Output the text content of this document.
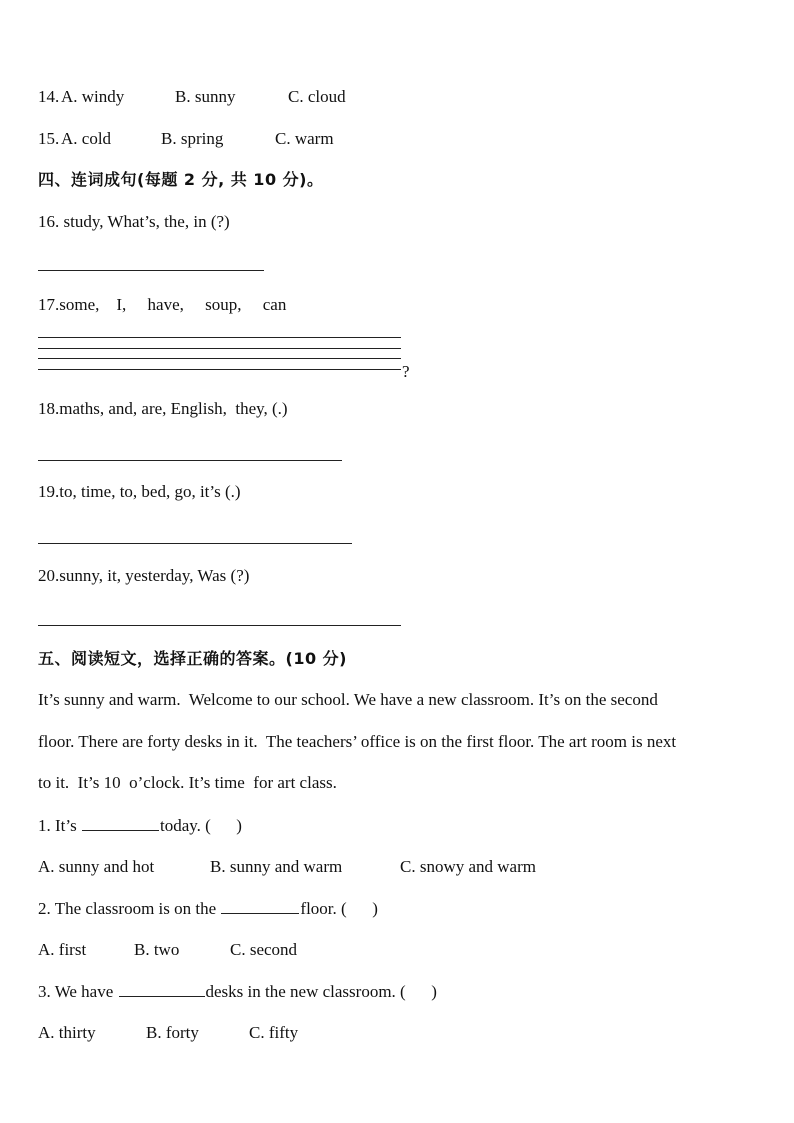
14. A. windy	B. sunny	C. cloud
15. A. cold	B. spring	C. warm
四、连词成句(每题 2 分, 共 10 分)。
16. study, What’s, the, in (?)
17.some,    I,     have,     soup,     can
?
18.maths, and, are, English,  they, (.)
19.to, time, to, bed, go, it’s (.)
20.sunny, it, yesterday, Was (?)
五、阅读短文，选择正确的答案。(10 分)
It’s sunny and warm.  Welcome to our school. We have a new classroom. It’s on the second
floor. There are forty desks in it.  The teachers’ office is on the first floor. The art room is next
to it.  It’s 10  o’clock. It’s time  for art class.
1. It’s	today. (      )
A. sunny and hot	B. sunny and warm	C. snowy and warm
2. The classroom is on the	floor. (      )
A. first	B. two	C. second
3. We have	desks in the new classroom. (      )
A. thirty	B. forty	C. fifty
